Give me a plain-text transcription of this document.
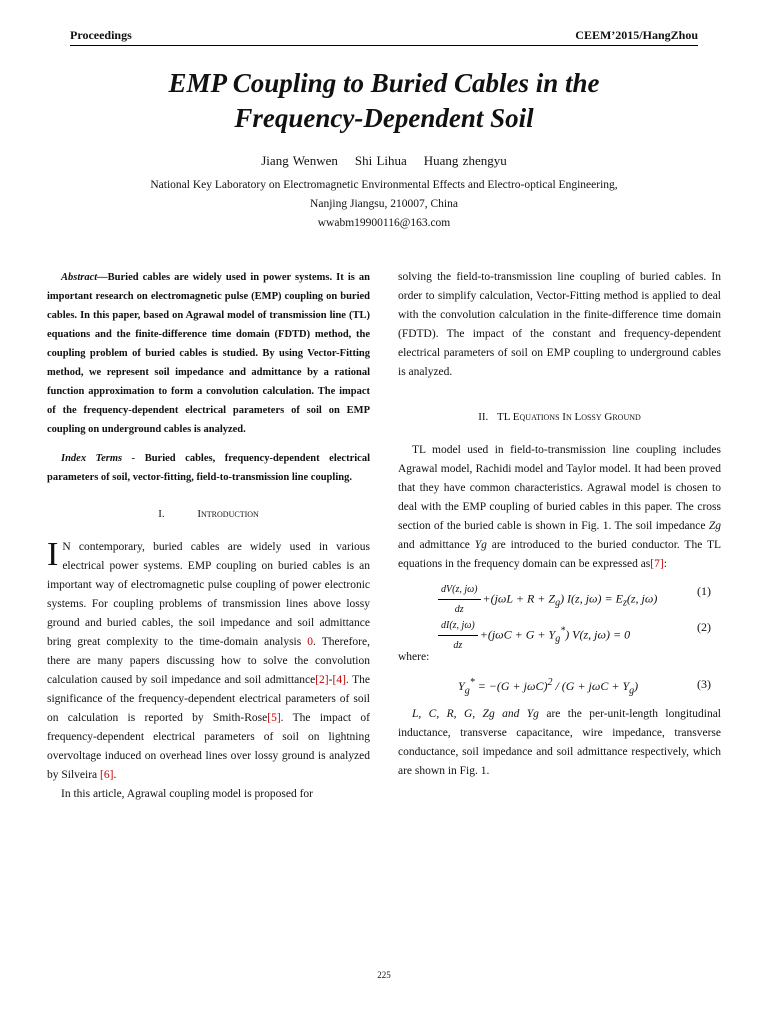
Proceedings	CEEM’2015/HangZhou
EMP Coupling to Buried Cables in the
Frequency-Dependent Soil
Jiang Wenwen    Shi Lihua    Huang zhengyu
National Key Laboratory on Electromagnetic Environmental Effects and Electro-optical Engineering,
Nanjing Jiangsu, 210007, China
wwabm19900116@163.com

Abstract—Buried cables are widely used in power systems. It is an important research on electromagnetic pulse (EMP) coupling on buried cables. In this paper, based on Agrawal model of transmission line (TL) equations and the finite-difference time domain (FDTD) method, the coupling problem of buried cables is studied. By using Vector-Fitting method, we represent soil impedance and admittance by a rational function approximation to form a convolution calculation. The impact of the frequency-dependent electrical parameters of soil on EMP coupling on underground cables is analyzed.

Index Terms - Buried cables, frequency-dependent electrical parameters of soil, vector-fitting, field-to-transmission line coupling.

I.	Introduction

I N contemporary, buried cables are widely used in various electrical power systems. EMP coupling on buried cables is an important way of electromagnetic pulse coupling of power electronic systems. For coupling problems of transmission lines above lossy ground and buried cables, the soil impedance and soil admittance bring great complexity to the time-domain analysis 0. Therefore, there are many papers discussing how to solve the convolution calculation caused by soil impedance and soil admittance[2]-[4]. The significance of the frequency-dependent electrical parameters of soil on calculation is reported by Smith-Rose[5]. The impact of frequency-dependent electrical parameters of soil on lightning overvoltage induced on overhead lines over lossy ground is analyzed by Silveira [6].

In this article, Agrawal coupling model is proposed for

solving the field-to-transmission line coupling of buried cables. In order to simplify calculation, Vector-Fitting method is applied to deal with the convolution calculation in the finite-difference time domain (FDTD). The impact of the constant and frequency-dependent electrical parameters of soil on EMP coupling to underground cables is analyzed.

II. TL Equations In Lossy Ground

TL model used in field-to-transmission line coupling includes Agrawal model, Rachidi model and Taylor model. It had been proved that they have common characteristics. Agrawal model is chosen to deal with the EMP coupling of buried cables in this paper. The cross section of the buried cable is shown in Fig. 1. The soil impedance Zg and admittance Yg are introduced to the buried conductor. The TL equations in the frequency domain can be expressed as[7]:

$\frac{dV(z, j\omega)}{dz} +(j\omega L + R + Z_g)$ I(z, $j\omega) = E_z(z$, jω)
(1)
$\frac{dI(z, j\omega)}{dz} +(j\omega C + G + Y_g^*)$ V(z, jω) = 0
(2)

where:

$Y_g^* = -(G + j\omega C)^2 / (G + j\omega C + Y_g)$	(3)

L, C, R, G, Zg and Yg are the per-unit-length longitudinal inductance, transverse capacitance, wire impedance, transverse conductance, soil impedance and soil admittance respectively, which are shown in Fig. 1.

225
